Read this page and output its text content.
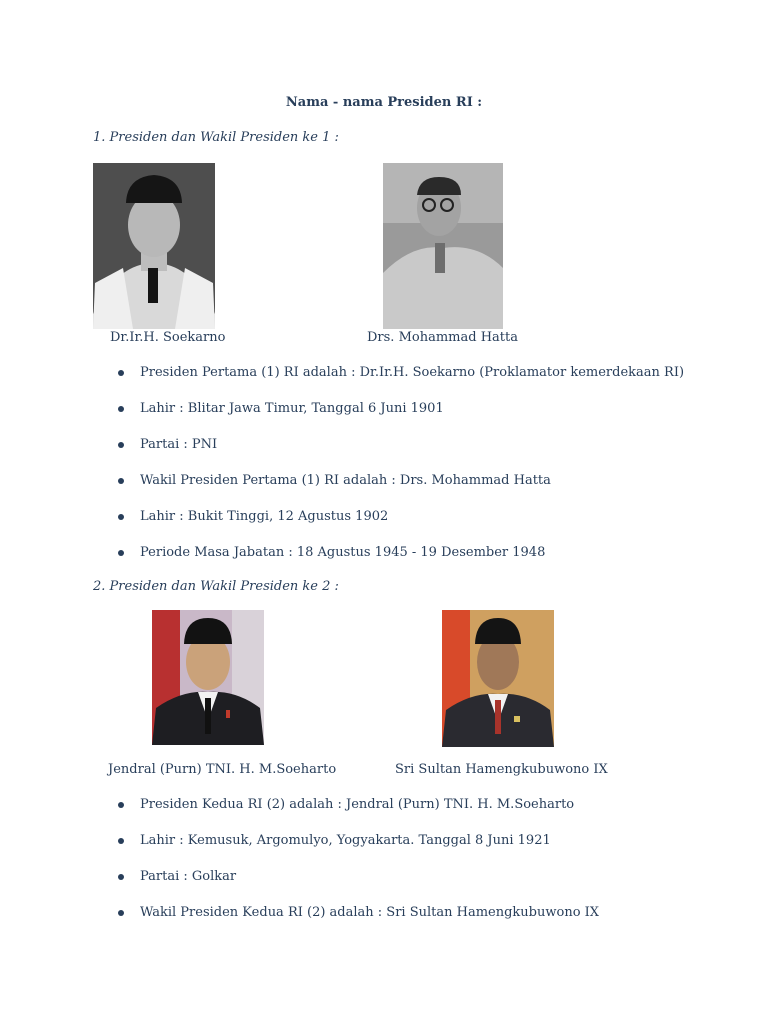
Nama - nama Presiden RI :
1. Presiden dan Wakil Presiden ke 1 :
Dr.Ir.H. Soekarno	Drs. Mohammad Hatta
Presiden Pertama (1) RI adalah : Dr.Ir.H. Soekarno (Proklamator kemerdekaan RI)
Lahir : Blitar Jawa Timur, Tanggal 6 Juni 1901
Partai : PNI
Wakil Presiden Pertama (1) RI adalah : Drs. Mohammad Hatta
Lahir : Bukit Tinggi, 12 Agustus 1902
Periode Masa Jabatan : 18 Agustus 1945 - 19 Desember 1948
2. Presiden dan Wakil Presiden ke 2 :
Jendral (Purn) TNI. H. M.Soeharto	Sri Sultan Hamengkubuwono IX
Presiden Kedua RI (2) adalah : Jendral (Purn) TNI. H. M.Soeharto
Lahir : Kemusuk, Argomulyo, Yogyakarta. Tanggal 8 Juni 1921
Partai : Golkar
Wakil Presiden Kedua RI (2) adalah : Sri Sultan Hamengkubuwono IX
